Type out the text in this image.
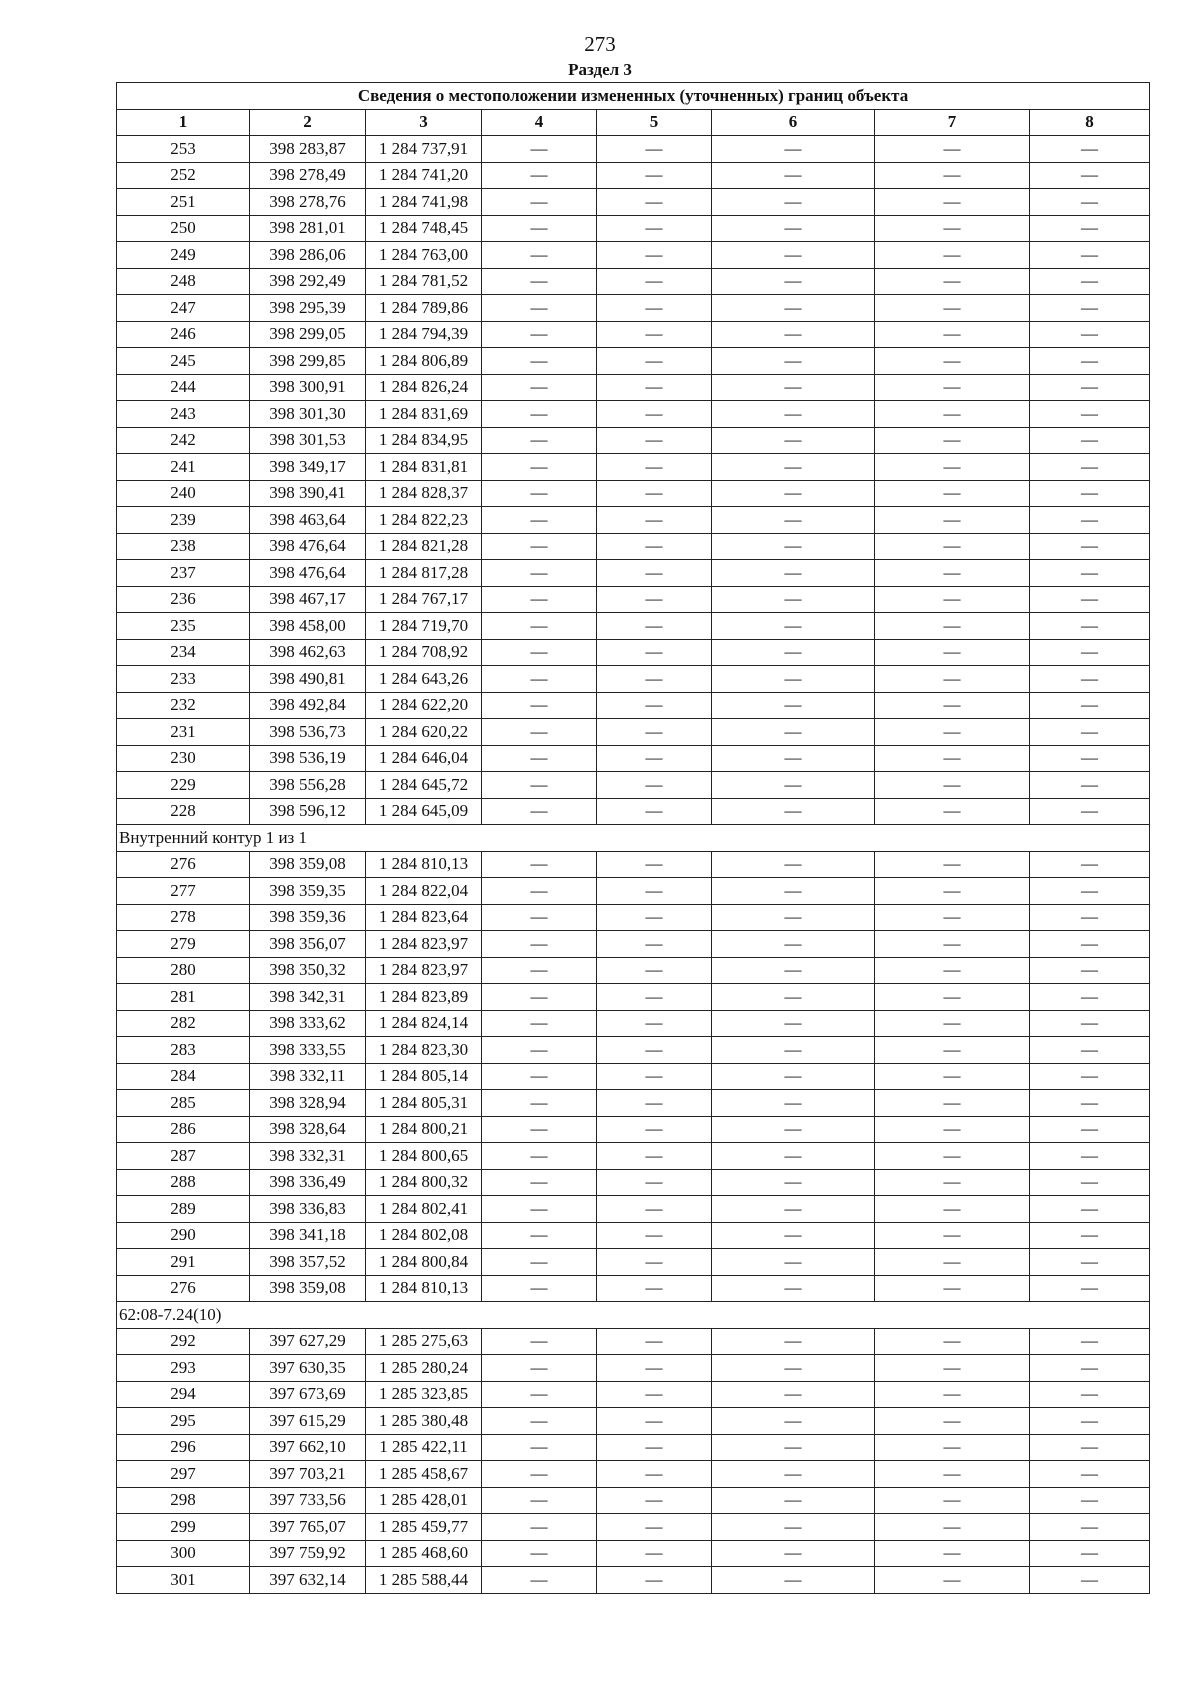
273
Раздел 3
Сведения о местоположении измененных (уточненных) границ объекта							
1	2	3	4	5	6	7	8
253	398 283,87	1 284 737,91	—	—	—	—	—
252	398 278,49	1 284 741,20	—	—	—	—	—
251	398 278,76	1 284 741,98	—	—	—	—	—
250	398 281,01	1 284 748,45	—	—	—	—	—
249	398 286,06	1 284 763,00	—	—	—	—	—
248	398 292,49	1 284 781,52	—	—	—	—	—
247	398 295,39	1 284 789,86	—	—	—	—	—
246	398 299,05	1 284 794,39	—	—	—	—	—
245	398 299,85	1 284 806,89	—	—	—	—	—
244	398 300,91	1 284 826,24	—	—	—	—	—
243	398 301,30	1 284 831,69	—	—	—	—	—
242	398 301,53	1 284 834,95	—	—	—	—	—
241	398 349,17	1 284 831,81	—	—	—	—	—
240	398 390,41	1 284 828,37	—	—	—	—	—
239	398 463,64	1 284 822,23	—	—	—	—	—
238	398 476,64	1 284 821,28	—	—	—	—	—
237	398 476,64	1 284 817,28	—	—	—	—	—
236	398 467,17	1 284 767,17	—	—	—	—	—
235	398 458,00	1 284 719,70	—	—	—	—	—
234	398 462,63	1 284 708,92	—	—	—	—	—
233	398 490,81	1 284 643,26	—	—	—	—	—
232	398 492,84	1 284 622,20	—	—	—	—	—
231	398 536,73	1 284 620,22	—	—	—	—	—
230	398 536,19	1 284 646,04	—	—	—	—	—
229	398 556,28	1 284 645,72	—	—	—	—	—
228	398 596,12	1 284 645,09	—	—	—	—	—
Внутренний контур 1 из 1							
276	398 359,08	1 284 810,13	—	—	—	—	—
277	398 359,35	1 284 822,04	—	—	—	—	—
278	398 359,36	1 284 823,64	—	—	—	—	—
279	398 356,07	1 284 823,97	—	—	—	—	—
280	398 350,32	1 284 823,97	—	—	—	—	—
281	398 342,31	1 284 823,89	—	—	—	—	—
282	398 333,62	1 284 824,14	—	—	—	—	—
283	398 333,55	1 284 823,30	—	—	—	—	—
284	398 332,11	1 284 805,14	—	—	—	—	—
285	398 328,94	1 284 805,31	—	—	—	—	—
286	398 328,64	1 284 800,21	—	—	—	—	—
287	398 332,31	1 284 800,65	—	—	—	—	—
288	398 336,49	1 284 800,32	—	—	—	—	—
289	398 336,83	1 284 802,41	—	—	—	—	—
290	398 341,18	1 284 802,08	—	—	—	—	—
291	398 357,52	1 284 800,84	—	—	—	—	—
276	398 359,08	1 284 810,13	—	—	—	—	—
62:08-7.24(10)							
292	397 627,29	1 285 275,63	—	—	—	—	—
293	397 630,35	1 285 280,24	—	—	—	—	—
294	397 673,69	1 285 323,85	—	—	—	—	—
295	397 615,29	1 285 380,48	—	—	—	—	—
296	397 662,10	1 285 422,11	—	—	—	—	—
297	397 703,21	1 285 458,67	—	—	—	—	—
298	397 733,56	1 285 428,01	—	—	—	—	—
299	397 765,07	1 285 459,77	—	—	—	—	—
300	397 759,92	1 285 468,60	—	—	—	—	—
301	397 632,14	1 285 588,44	—	—	—	—	—
